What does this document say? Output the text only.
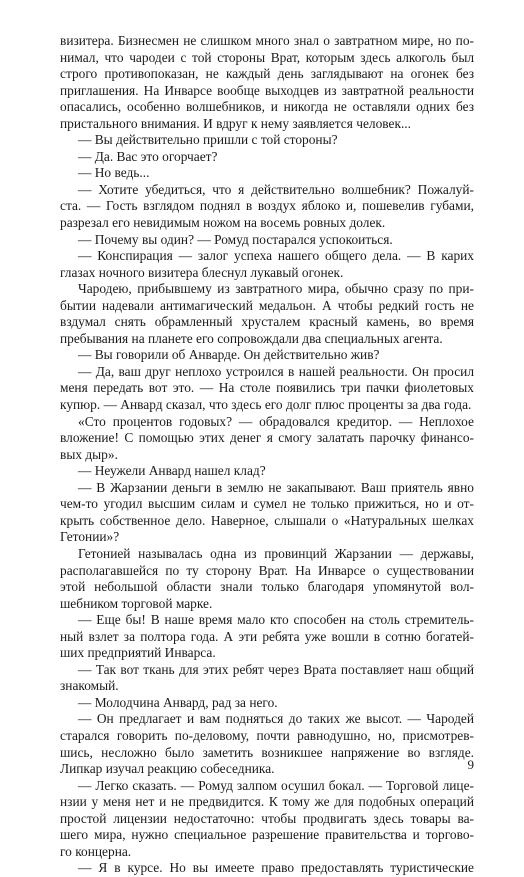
визитера. Бизнесмен не слишком много знал о завтратном мире, но по-
нимал, что чародеи с той стороны Врат, которым здесь алкоголь был
строго противопоказан, не каждый день заглядывают на огонек без
приглашения. На Инварсе вообще выходцев из завтратной реальности
опасались, особенно волшебников, и никогда не оставляли одних без
пристального внимания. И вдруг к нему заявляется человек...
— Вы действительно пришли с той стороны?
— Да. Вас это огорчает?
— Но ведь...
— Хотите убедиться, что я действительно волшебник? Пожалуй-
ста. — Гость взглядом поднял в воздух яблоко и, пошевелив губами,
разрезал его невидимым ножом на восемь ровных долек.
— Почему вы один? — Ромуд постарался успокоиться.
— Конспирация — залог успеха нашего общего дела. — В карих
глазах ночного визитера блеснул лукавый огонек.
Чародею, прибывшему из завтратного мира, обычно сразу по при-
бытии надевали антимагический медальон. А чтобы редкий гость не
вздумал снять обрамленный хрусталем красный камень, во время
пребывания на планете его сопровождали два специальных агента.
— Вы говорили об Анварде. Он действительно жив?
— Да, ваш друг неплохо устроился в нашей реальности. Он просил
меня передать вот это. — На столе появились три пачки фиолетовых
купюр. — Анвард сказал, что здесь его долг плюс проценты за два года.
«Сто процентов годовых? — обрадовался кредитор. — Неплохое
вложение! С помощью этих денег я смогу залатать парочку финансо-
вых дыр».
— Неужели Анвард нашел клад?
— В Жарзании деньги в землю не закапывают. Ваш приятель явно
чем-то угодил высшим силам и сумел не только прижиться, но и от-
крыть собственное дело. Наверное, слышали о «Натуральных шелках
Гетонии»?
Гетонией называлась одна из провинций Жарзании — державы,
располагавшейся по ту сторону Врат. На Инварсе о существовании
этой небольшой области знали только благодаря упомянутой вол-
шебником торговой марке.
— Еще бы! В наше время мало кто способен на столь стремитель-
ный взлет за полтора года. А эти ребята уже вошли в сотню богатей-
ших предприятий Инварса.
— Так вот ткань для этих ребят через Врата поставляет наш общий
знакомый.
— Молодчина Анвард, рад за него.
— Он предлагает и вам подняться до таких же высот. — Чародей
старался говорить по-деловому, почти равнодушно, но, присмотрев-
шись, несложно было заметить возникшее напряжение во взгляде.
Липкар изучал реакцию собеседника.
— Легко сказать. — Ромуд залпом осушил бокал. — Торговой лице-
нзии у меня нет и не предвидится. К тому же для подобных операций
простой лицензии недостаточно: чтобы продвигать здесь товары ва-
шего мира, нужно специальное разрешение правительства и торгово-
го концерна.
— Я в курсе. Но вы имеете право предоставлять туристические
9
